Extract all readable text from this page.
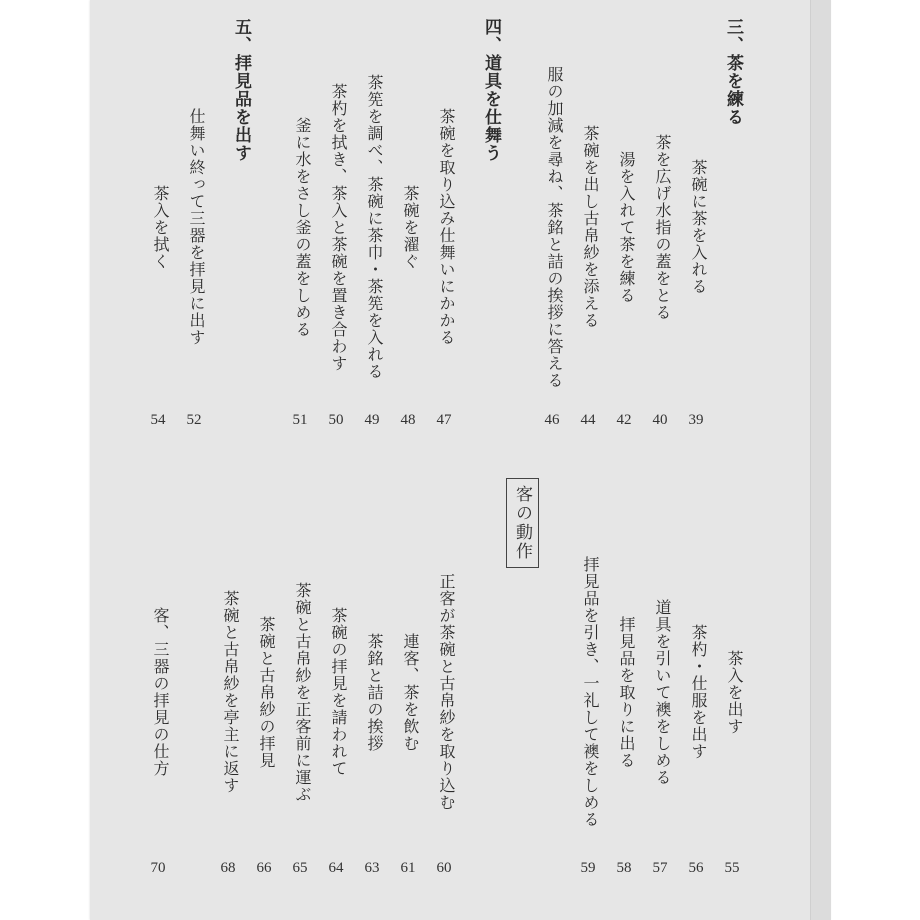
三、茶を練る
四、道具を仕舞う
五、拝見品を出す
客の動作
茶碗に茶を入れる
茶を広げ水指の蓋をとる
湯を入れて茶を練る
茶碗を出し古帛紗を添える
服の加減を尋ね、茶銘と詰の挨拶に答える
茶碗を取り込み仕舞いにかかる
茶碗を濯ぐ
茶筅を調べ、茶碗に茶巾・茶筅を入れる
茶杓を拭き、茶入と茶碗を置き合わす
釜に水をさし釜の蓋をしめる
仕舞い終って三器を拝見に出す
茶入を拭く
39
40
42
44
46
47
48
49
50
51
52
54
茶入を出す
茶杓・仕服を出す
道具を引いて襖をしめる
拝見品を取りに出る
拝見品を引き、一礼して襖をしめる
正客が茶碗と古帛紗を取り込む
連客、茶を飲む
茶銘と詰の挨拶
茶碗の拝見を請われて
茶碗と古帛紗を正客前に運ぶ
茶碗と古帛紗の拝見
茶碗と古帛紗を亭主に返す
客、三器の拝見の仕方
55
56
57
58
59
60
61
63
64
65
66
68
70
